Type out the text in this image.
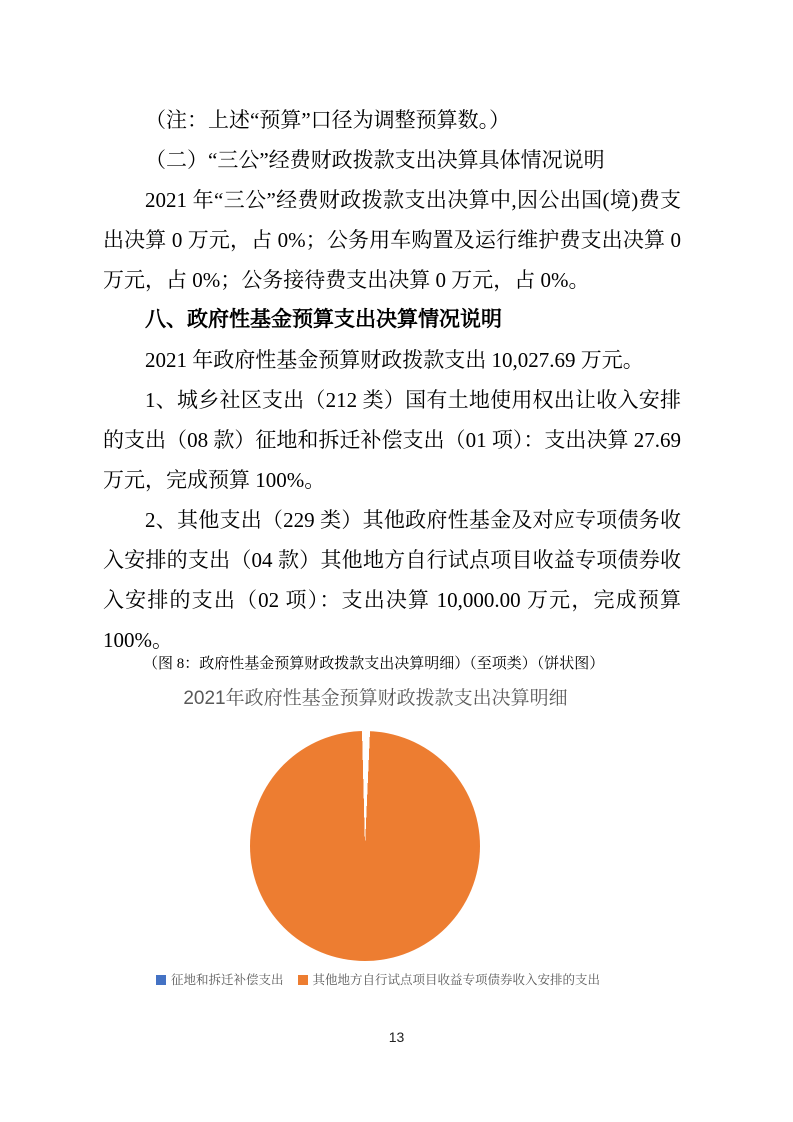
（注：上述“预算”口径为调整预算数。）

（二）“三公”经费财政拨款支出决算具体情况说明

2021 年“三公”经费财政拨款支出决算中,因公出国(境)费支出决算 0 万元，占 0%；公务用车购置及运行维护费支出决算 0 万元，占 0%；公务接待费支出决算 0 万元，占 0%。

八、政府性基金预算支出决算情况说明

2021 年政府性基金预算财政拨款支出 10,027.69 万元。

1、城乡社区支出（212 类）国有土地使用权出让收入安排的支出（08 款）征地和拆迁补偿支出（01 项）：支出决算 27.69 万元，完成预算 100%。

2、其他支出（229 类）其他政府性基金及对应专项债务收入安排的支出（04 款）其他地方自行试点项目收益专项债券收入安排的支出（02 项）：支出决算 10,000.00 万元，完成预算 100%。

（图 8：政府性基金预算财政拨款支出决算明细）（至项类）（饼状图）
2021年政府性基金预算财政拨款支出决算明细
征地和拆迁补偿支出 其他地方自行试点项目收益专项债券收入安排的支出
13
